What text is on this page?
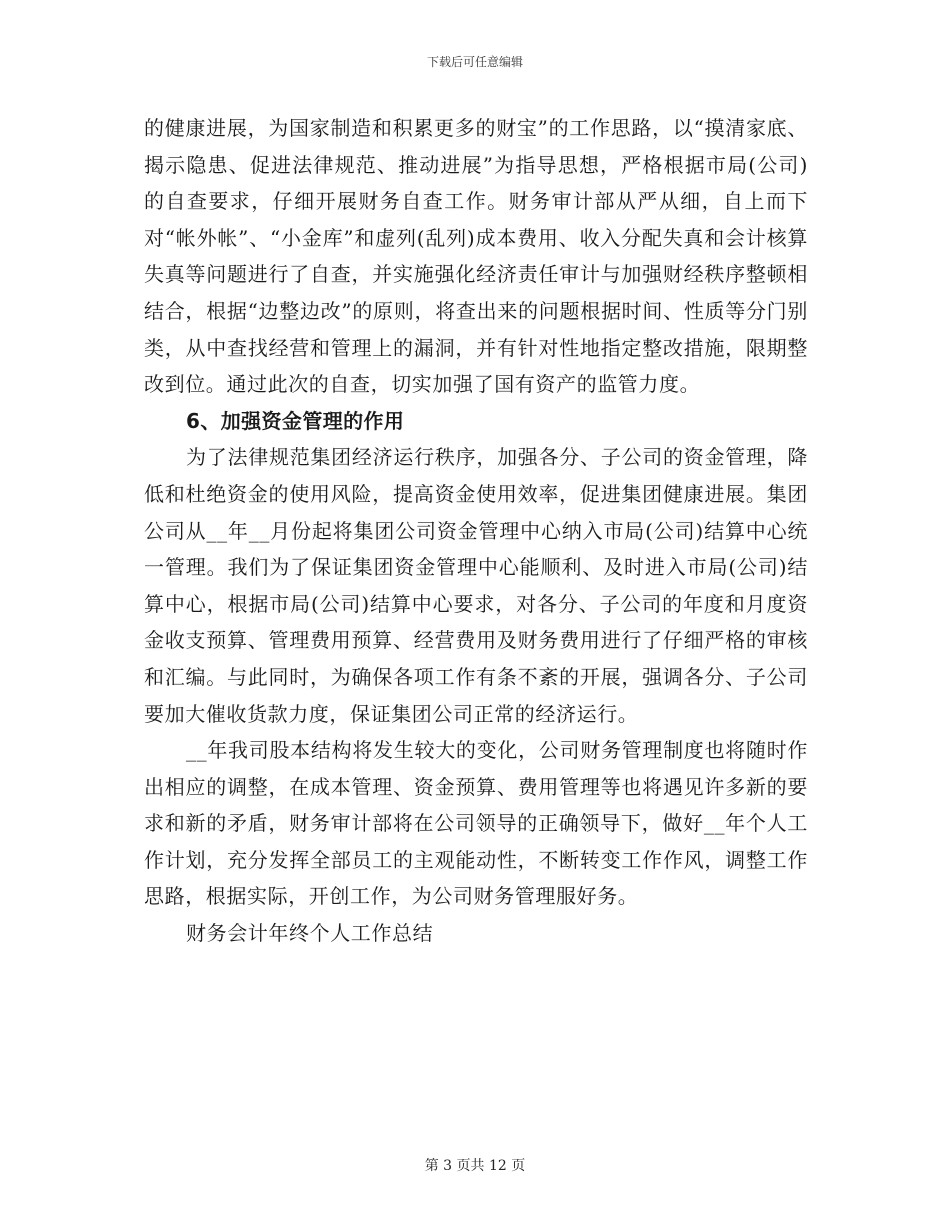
下载后可任意编辑

的健康进展，为国家制造和积累更多的财宝”的工作思路，以“摸清家底、揭示隐患、促进法律规范、推动进展”为指导思想，严格根据市局(公司)的自查要求，仔细开展财务自查工作。财务审计部从严从细，自上而下对“帐外帐”、“小金库”和虚列(乱列)成本费用、收入分配失真和会计核算失真等问题进行了自查，并实施强化经济责任审计与加强财经秩序整顿相结合，根据“边整边改”的原则，将查出来的问题根据时间、性质等分门别类，从中查找经营和管理上的漏洞，并有针对性地指定整改措施，限期整改到位。通过此次的自查，切实加强了国有资产的监管力度。

6、加强资金管理的作用

为了法律规范集团经济运行秩序，加强各分、子公司的资金管理，降低和杜绝资金的使用风险，提高资金使用效率，促进集团健康进展。集团公司从__年__月份起将集团公司资金管理中心纳入市局(公司)结算中心统一管理。我们为了保证集团资金管理中心能顺利、及时进入市局(公司)结算中心，根据市局(公司)结算中心要求，对各分、子公司的年度和月度资金收支预算、管理费用预算、经营费用及财务费用进行了仔细严格的审核和汇编。与此同时，为确保各项工作有条不紊的开展，强调各分、子公司要加大催收货款力度，保证集团公司正常的经济运行。

__年我司股本结构将发生较大的变化，公司财务管理制度也将随时作出相应的调整，在成本管理、资金预算、费用管理等也将遇见许多新的要求和新的矛盾，财务审计部将在公司领导的正确领导下，做好__年个人工作计划，充分发挥全部员工的主观能动性，不断转变工作作风，调整工作思路，根据实际，开创工作，为公司财务管理服好务。

财务会计年终个人工作总结

第 3 页共 12 页
